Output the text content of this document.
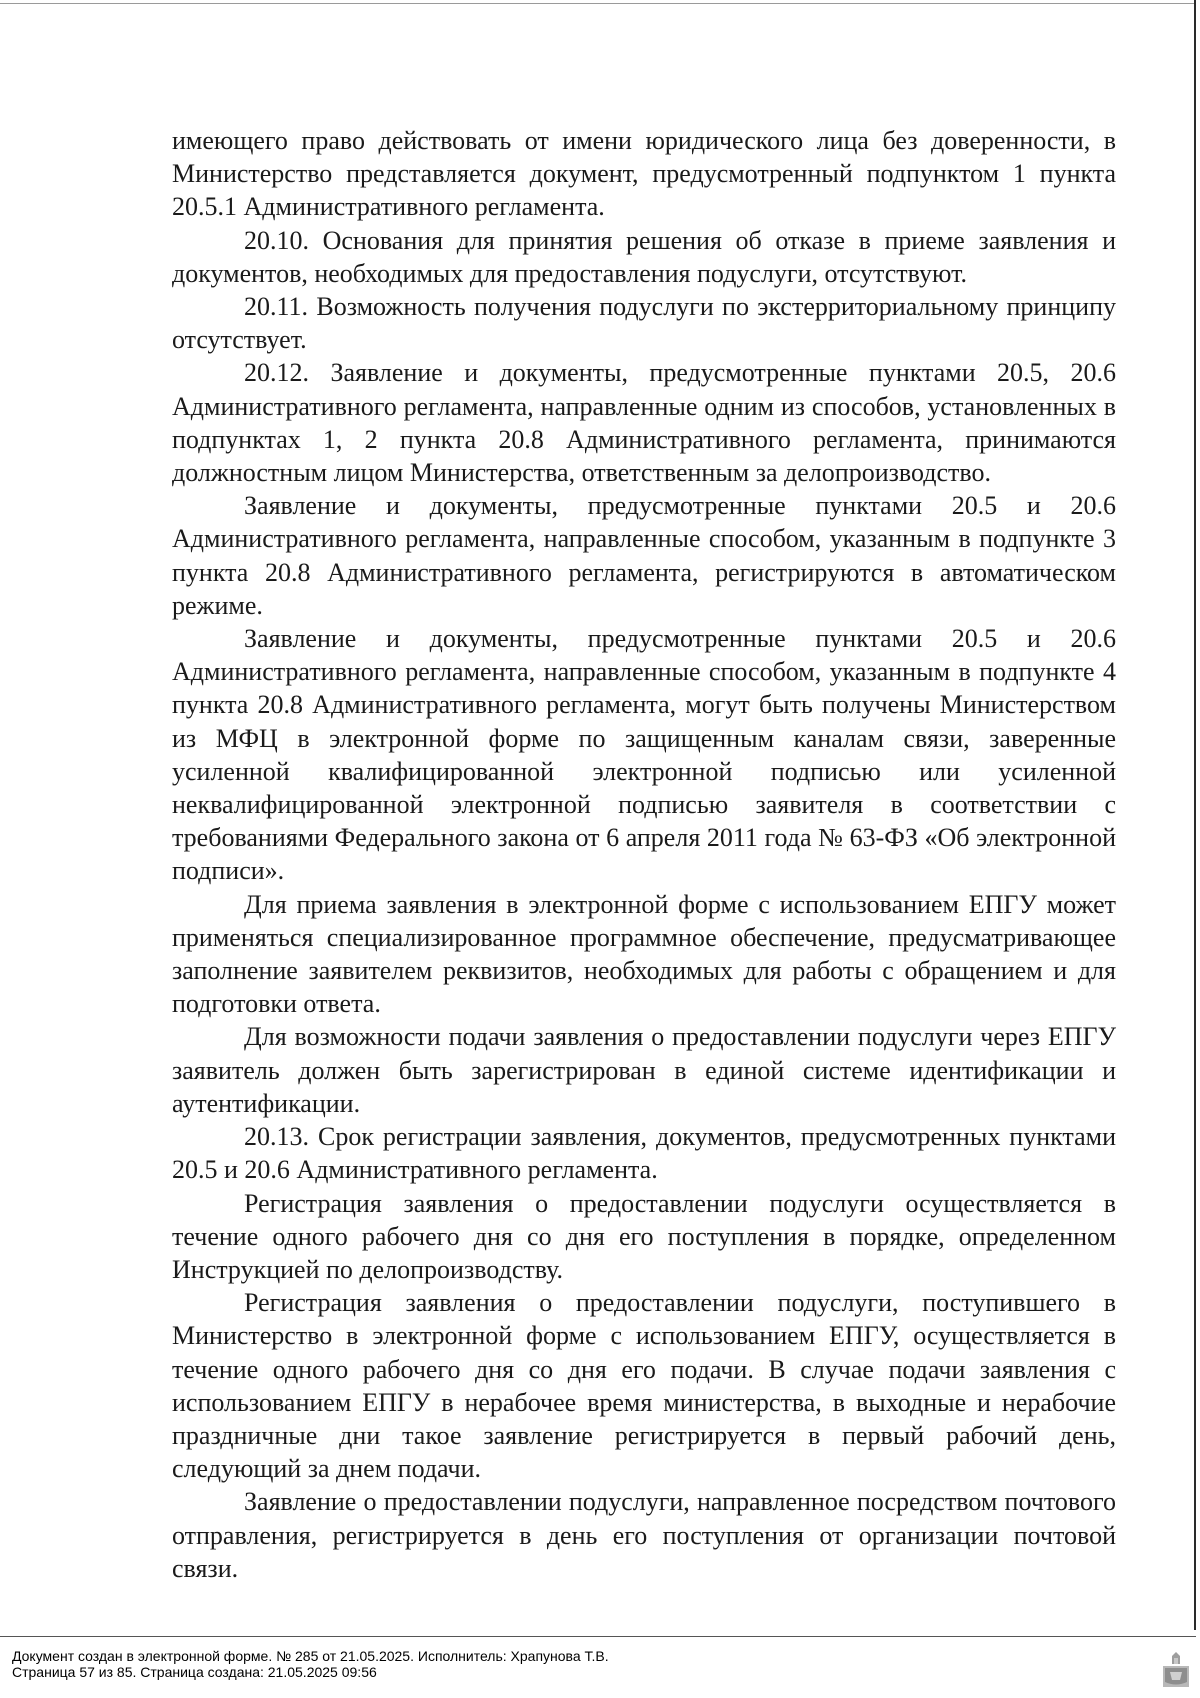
имеющего право действовать от имени юридического лица без доверенности, в Министерство представляется документ, предусмотренный подпунктом 1 пункта 20.5.1 Административного регламента.

20.10. Основания для принятия решения об отказе в приеме заявления и документов, необходимых для предоставления подуслуги, отсутствуют.

20.11. Возможность получения подуслуги по экстерриториальному принципу отсутствует.

20.12. Заявление и документы, предусмотренные пунктами 20.5, 20.6 Административного регламента, направленные одним из способов, установленных в подпунктах 1, 2 пункта 20.8 Административного регламента, принимаются должностным лицом Министерства, ответственным за делопроизводство.

Заявление и документы, предусмотренные пунктами 20.5 и 20.6 Административного регламента, направленные способом, указанным в подпункте 3 пункта 20.8 Административного регламента, регистрируются в автоматическом режиме.

Заявление и документы, предусмотренные пунктами 20.5 и 20.6 Административного регламента, направленные способом, указанным в подпункте 4 пункта 20.8 Административного регламента, могут быть получены Министерством из МФЦ в электронной форме по защищенным каналам связи, заверенные усиленной квалифицированной электронной подписью или усиленной неквалифицированной электронной подписью заявителя в соответствии с требованиями Федерального закона от 6 апреля 2011 года № 63-ФЗ «Об электронной подписи».

Для приема заявления в электронной форме с использованием ЕПГУ может применяться специализированное программное обеспечение, предусматривающее заполнение заявителем реквизитов, необходимых для работы с обращением и для подготовки ответа.

Для возможности подачи заявления о предоставлении подуслуги через ЕПГУ заявитель должен быть зарегистрирован в единой системе идентификации и аутентификации.

20.13. Срок регистрации заявления, документов, предусмотренных пунктами 20.5 и 20.6 Административного регламента.

Регистрация заявления о предоставлении подуслуги осуществляется в течение одного рабочего дня со дня его поступления в порядке, определенном Инструкцией по делопроизводству.

Регистрация заявления о предоставлении подуслуги, поступившего в Министерство в электронной форме с использованием ЕПГУ, осуществляется в течение одного рабочего дня со дня его подачи. В случае подачи заявления с использованием ЕПГУ в нерабочее время министерства, в выходные и нерабочие праздничные дни такое заявление регистрируется в первый рабочий день, следующий за днем подачи.

Заявление о предоставлении подуслуги, направленное посредством почтового отправления, регистрируется в день его поступления от организации почтовой связи.

Документ создан в электронной форме. № 285 от 21.05.2025. Исполнитель: Храпунова Т.В.
Страница 57 из 85. Страница создана: 21.05.2025 09:56
